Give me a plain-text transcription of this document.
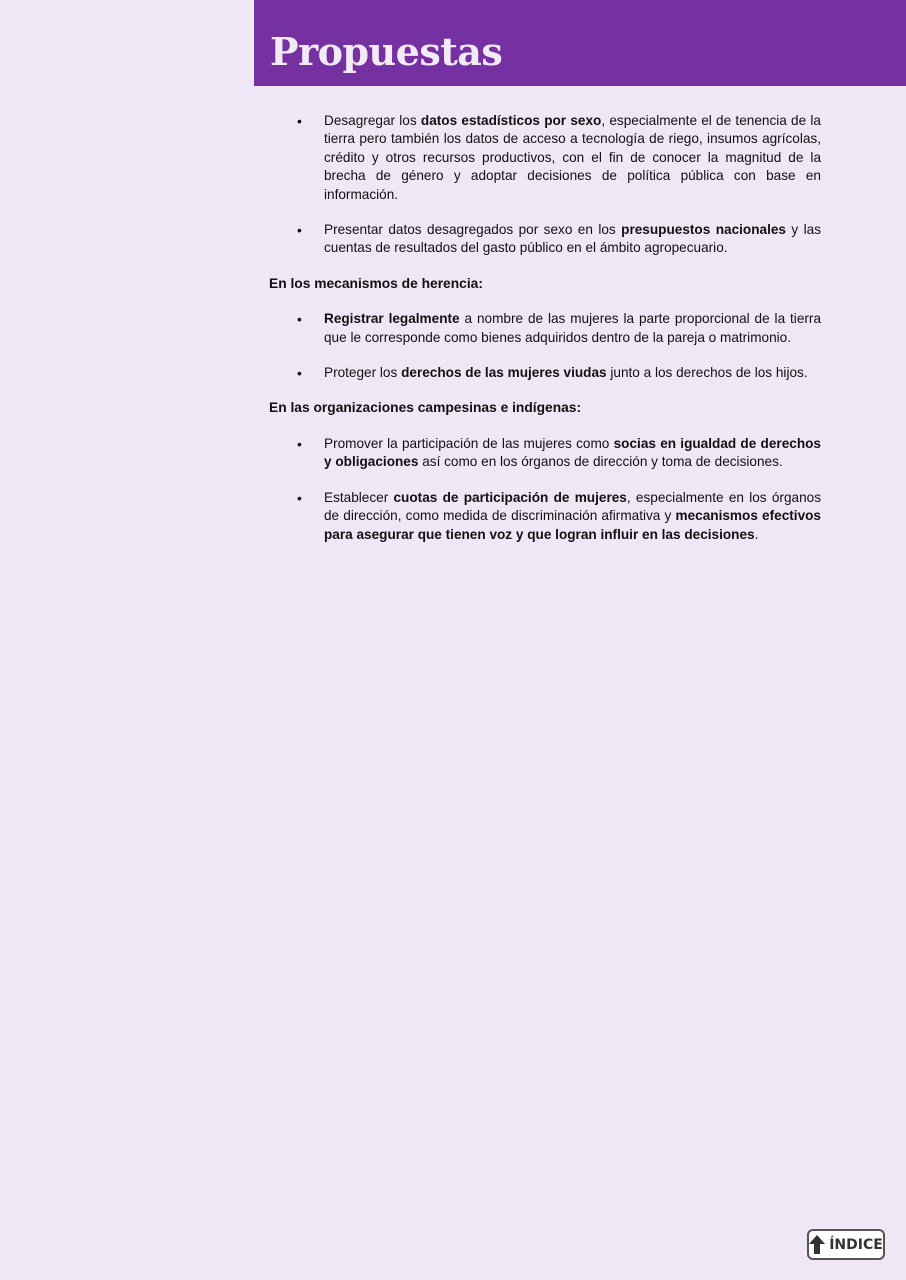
Propuestas
• Desagregar los datos estadísticos por sexo, especialmente el de tenencia de la tierra pero también los datos de acceso a tecnología de riego, insumos agrícolas, crédito y otros recursos productivos, con el fin de conocer la magnitud de la brecha de género y adoptar decisiones de política pública con base en información.
• Presentar datos desagregados por sexo en los presupuestos nacionales y las cuentas de resultados del gasto público en el ámbito agropecuario.

En los mecanismos de herencia:

• Registrar legalmente a nombre de las mujeres la parte proporcional de la tierra que le corresponde como bienes adquiridos dentro de la pareja o matrimonio.
• Proteger los derechos de las mujeres viudas junto a los derechos de los hijos.

En las organizaciones campesinas e indígenas:

• Promover la participación de las mujeres como socias en igualdad de derechos y obligaciones así como en los órganos de dirección y toma de decisiones.
• Establecer cuotas de participación de mujeres, especialmente en los órganos de dirección, como medida de discriminación afirmativa y mecanismos efectivos para asegurar que tienen voz y que logran influir en las decisiones.
ÍNDICE
